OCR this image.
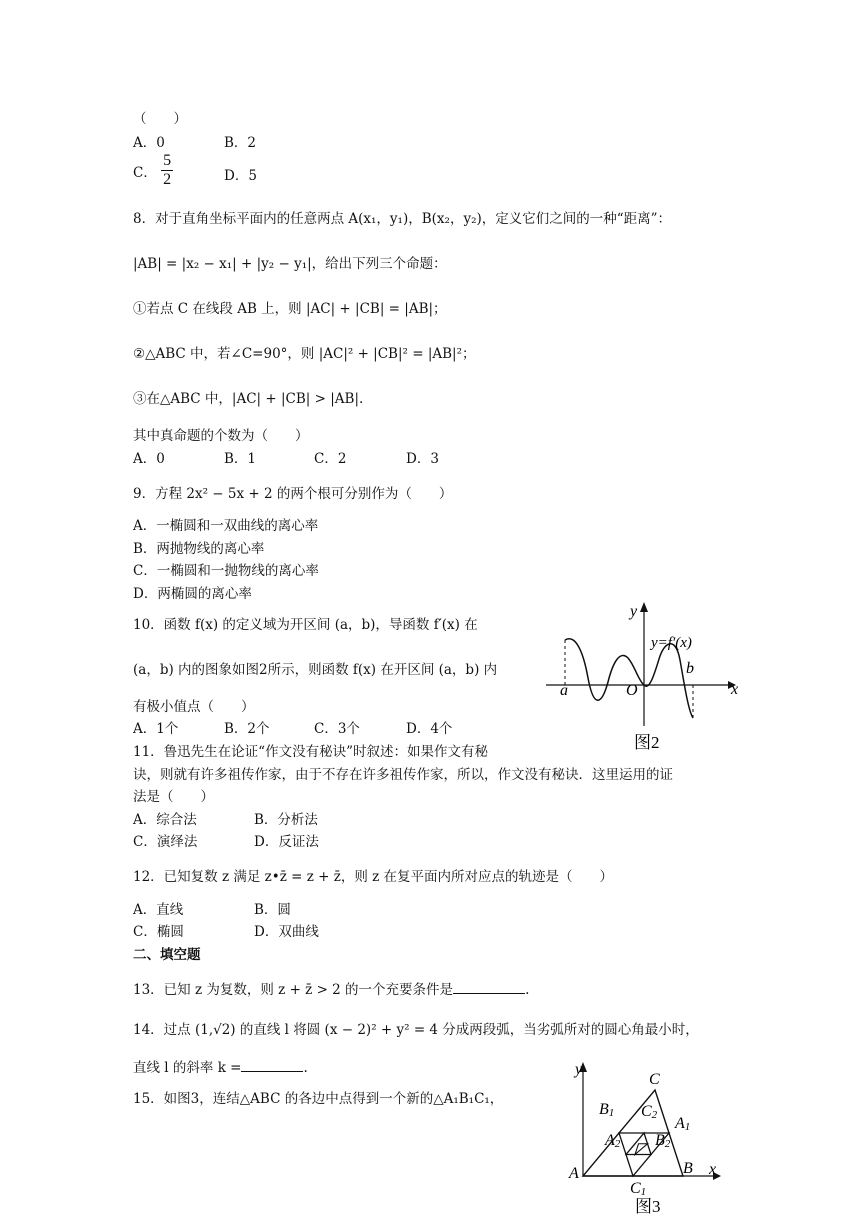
（　　）
A．0	B．2
C． $\frac{5}{2}$	D．5
8．对于直角坐标平面内的任意两点 A(x₁，y₁)，B(x₂，y₂)，定义它们之间的一种“距离”：
|AB| = |x₂ − x₁| + |y₂ − y₁|，给出下列三个命题：
①若点 C 在线段 AB 上，则 |AC| + |CB| = |AB|；
②△ABC 中，若∠C=90°，则 |AC|² + |CB|² = |AB|²；
③在△ABC 中，|AC| + |CB| > |AB|.
其中真命题的个数为（　　）
A．0	B．1	C．2	D．3
9．方程 2x² − 5x + 2 的两个根可分别作为（　　）
A．一椭圆和一双曲线的离心率
B．两抛物线的离心率
C．一椭圆和一抛物线的离心率
D．两椭圆的离心率
10．函数 f(x) 的定义域为开区间 (a，b)，导函数 f′(x) 在
(a，b) 内的图象如图2所示，则函数 f(x) 在开区间 (a，b) 内
有极小值点（　　）
A．1个	B．2个	C．3个	D．4个
y
x
y=f′(x)
a
b
O
图2
11．鲁迅先生在论证“作文没有秘诀”时叙述：如果作文有秘
诀，则就有许多祖传作家，由于不存在许多祖传作家，所以，作文没有秘诀．这里运用的证
法是（　　）
A．综合法	B．分析法
C．演绎法	D．反证法
12．已知复数 z 满足 z•z̄ = z + z̄，则 z 在复平面内所对应点的轨迹是（　　）
A．直线	B．圆
C．椭圆	D．双曲线
二、填空题
13．已知 z 为复数，则 z + z̄ > 2 的一个充要条件是	.
14．过点 (1,√2) 的直线 l 将圆 (x − 2)² + y² = 4 分成两段弧，当劣弧所对的圆心角最小时，
直线 l 的斜率 k =	.
15．如图3，连结△ABC 的各边中点得到一个新的△A₁B₁C₁，
y
x
A	B
C
A1
B1
C1
A2 B2
C2
图3
